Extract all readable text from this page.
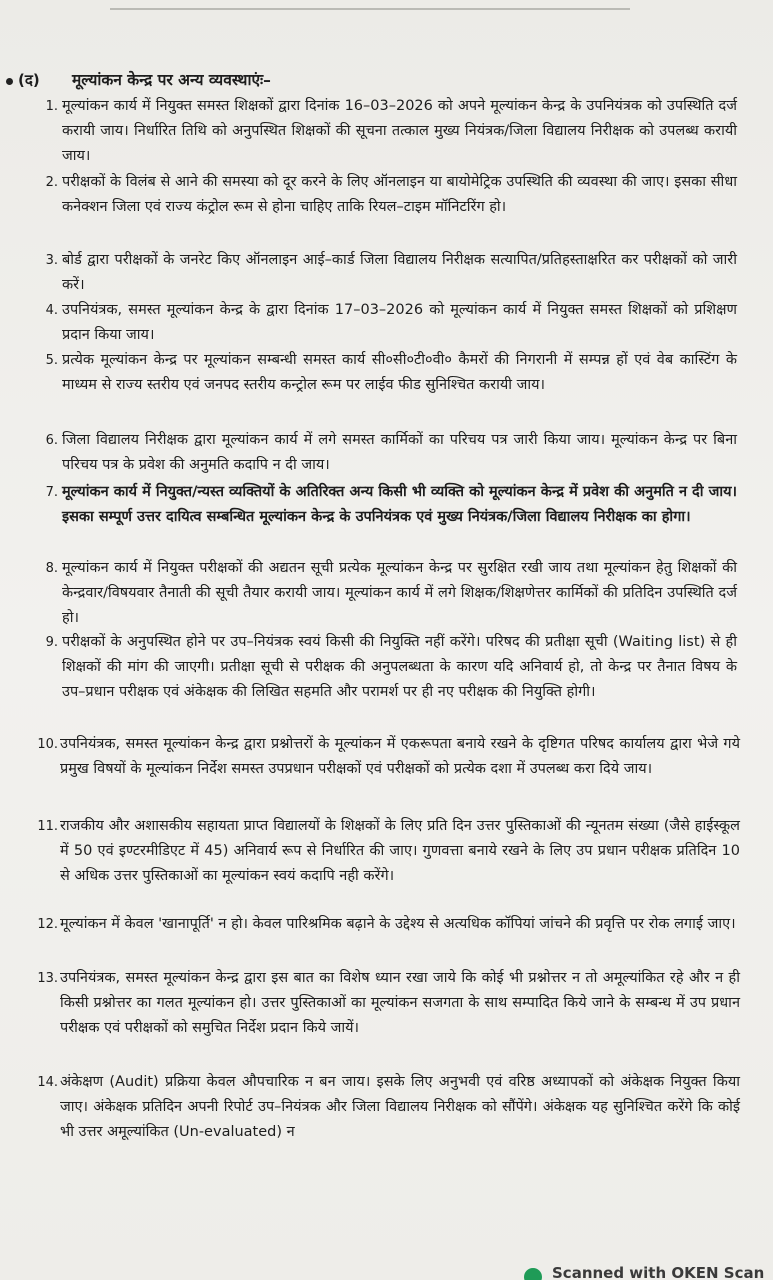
(द) मूल्यांकन केन्द्र पर अन्य व्यवस्थाएंः–
1. मूल्यांकन कार्य में नियुक्त समस्त शिक्षकों द्वारा दिनांक 16–03–2026 को अपने मूल्यांकन केन्द्र के उपनियंत्रक को उपस्थिति दर्ज करायी जाय। निर्धारित तिथि को अनुपस्थित शिक्षकों की सूचना तत्काल मुख्य नियंत्रक/जिला विद्यालय निरीक्षक को उपलब्ध करायी जाय।
2. परीक्षकों के विलंब से आने की समस्या को दूर करने के लिए ऑनलाइन या बायोमेट्रिक उपस्थिति की व्यवस्था की जाए। इसका सीधा कनेक्शन जिला एवं राज्य कंट्रोल रूम से होना चाहिए ताकि रियल–टाइम मॉनिटरिंग हो।
3. बोर्ड द्वारा परीक्षकों के जनरेट किए ऑनलाइन आई–कार्ड जिला विद्यालय निरीक्षक सत्यापित/प्रतिहस्ताक्षरित कर परीक्षकों को जारी करें।
4. उपनियंत्रक, समस्त मूल्यांकन केन्द्र के द्वारा दिनांक 17–03–2026 को मूल्यांकन कार्य में नियुक्त समस्त शिक्षकों को प्रशिक्षण प्रदान किया जाय।
5. प्रत्येक मूल्यांकन केन्द्र पर मूल्यांकन सम्बन्धी समस्त कार्य सी०सी०टी०वी० कैमरों की निगरानी में सम्पन्न हों एवं वेब कास्टिंग के माध्यम से राज्य स्तरीय एवं जनपद स्तरीय कन्ट्रोल रूम पर लाईव फीड सुनिश्चित करायी जाय।
6. जिला विद्यालय निरीक्षक द्वारा मूल्यांकन कार्य में लगे समस्त कार्मिकों का परिचय पत्र जारी किया जाय। मूल्यांकन केन्द्र पर बिना परिचय पत्र के प्रवेश की अनुमति कदापि न दी जाय।
7. मूल्यांकन कार्य में नियुक्त/न्यस्त व्यक्तियों के अतिरिक्त अन्य किसी भी व्यक्ति को मूल्यांकन केन्द्र में प्रवेश की अनुमति न दी जाय। इसका सम्पूर्ण उत्तर दायित्व सम्बन्धित मूल्यांकन केन्द्र के उपनियंत्रक एवं मुख्य नियंत्रक/जिला विद्यालय निरीक्षक का होगा।
8. मूल्यांकन कार्य में नियुक्त परीक्षकों की अद्यतन सूची प्रत्येक मूल्यांकन केन्द्र पर सुरक्षित रखी जाय तथा मूल्यांकन हेतु शिक्षकों की केन्द्रवार/विषयवार तैनाती की सूची तैयार करायी जाय। मूल्यांकन कार्य में लगे शिक्षक/शिक्षणेत्तर कार्मिकों की प्रतिदिन उपस्थिति दर्ज हो।
9. परीक्षकों के अनुपस्थित होने पर उप–नियंत्रक स्वयं किसी की नियुक्ति नहीं करेंगे। परिषद की प्रतीक्षा सूची (Waiting list) से ही शिक्षकों की मांग की जाएगी। प्रतीक्षा सूची से परीक्षक की अनुपलब्धता के कारण यदि अनिवार्य हो, तो केन्द्र पर तैनात विषय के उप–प्रधान परीक्षक एवं अंकेक्षक की लिखित सहमति और परामर्श पर ही नए परीक्षक की नियुक्ति होगी।
10. उपनियंत्रक, समस्त मूल्यांकन केन्द्र द्वारा प्रश्नोत्तरों के मूल्यांकन में एकरूपता बनाये रखने के दृष्टिगत परिषद कार्यालय द्वारा भेजे गये प्रमुख विषयों के मूल्यांकन निर्देश समस्त उपप्रधान परीक्षकों एवं परीक्षकों को प्रत्येक दशा में उपलब्ध करा दिये जाय।
11. राजकीय और अशासकीय सहायता प्राप्त विद्यालयों के शिक्षकों के लिए प्रति दिन उत्तर पुस्तिकाओं की न्यूनतम संख्या (जैसे हाईस्कूल में 50 एवं इण्टरमीडिएट में 45) अनिवार्य रूप से निर्धारित की जाए। गुणवत्ता बनाये रखने के लिए उप प्रधान परीक्षक प्रतिदिन 10 से अधिक उत्तर पुस्तिकाओं का मूल्यांकन स्वयं कदापि नही करेंगे।
12. मूल्यांकन में केवल 'खानापूर्ति' न हो। केवल पारिश्रमिक बढ़ाने के उद्देश्य से अत्यधिक कॉपियां जांचने की प्रवृत्ति पर रोक लगाई जाए।
13. उपनियंत्रक, समस्त मूल्यांकन केन्द्र द्वारा इस बात का विशेष ध्यान रखा जाये कि कोई भी प्रश्नोत्तर न तो अमूल्यांकित रहे और न ही किसी प्रश्नोत्तर का गलत मूल्यांकन हो। उत्तर पुस्तिकाओं का मूल्यांकन सजगता के साथ सम्पादित किये जाने के सम्बन्ध में उप प्रधान परीक्षक एवं परीक्षकों को समुचित निर्देश प्रदान किये जायें।
14. अंकेक्षण (Audit) प्रक्रिया केवल औपचारिक न बन जाय। इसके लिए अनुभवी एवं वरिष्ठ अध्यापकों को अंकेक्षक नियुक्त किया जाए। अंकेक्षक प्रतिदिन अपनी रिपोर्ट उप–नियंत्रक और जिला विद्यालय निरीक्षक को सौंपेंगे। अंकेक्षक यह सुनिश्चित करेंगे कि कोई भी उत्तर अमूल्यांकित (Un-evaluated) न
Scanned with OKEN Scan
